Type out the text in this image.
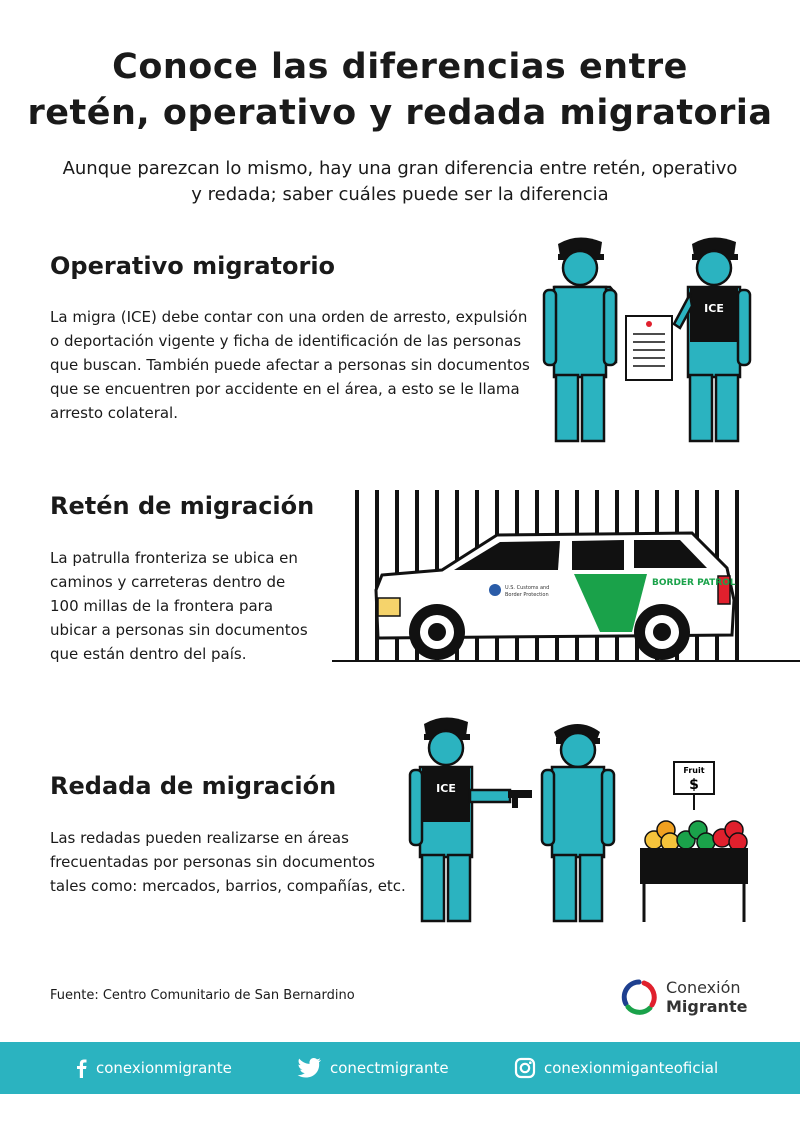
Conoce las diferencias entre
retén, operativo y redada migratoria
Aunque parezcan lo mismo, hay una gran diferencia entre retén, operativo y redada; saber cuáles puede ser la diferencia
Operativo migratorio
La migra (ICE) debe contar con una orden de arresto, expulsión
o deportación vigente y ficha de identificación de las personas
que buscan. También puede afectar a personas sin documentos
que se encuentren por accidente en el área, a esto se le llama
arresto colateral.
ICE
Retén de migración
La patrulla fronteriza se ubica en
caminos y carreteras dentro de
100 millas de la frontera para
ubicar a personas sin documentos
que están dentro del país.
U.S. Customs and
Border Protection
BORDER PATROL
Redada de migración
Las redadas pueden realizarse en áreas
frecuentadas por personas sin documentos
tales como: mercados, barrios, compañías, etc.
ICE
Fruit
$
Fuente: Centro Comunitario de San Bernardino	Conexión
Migrante
conexionmigrante	conectmigrante	conexionmiganteoficial
